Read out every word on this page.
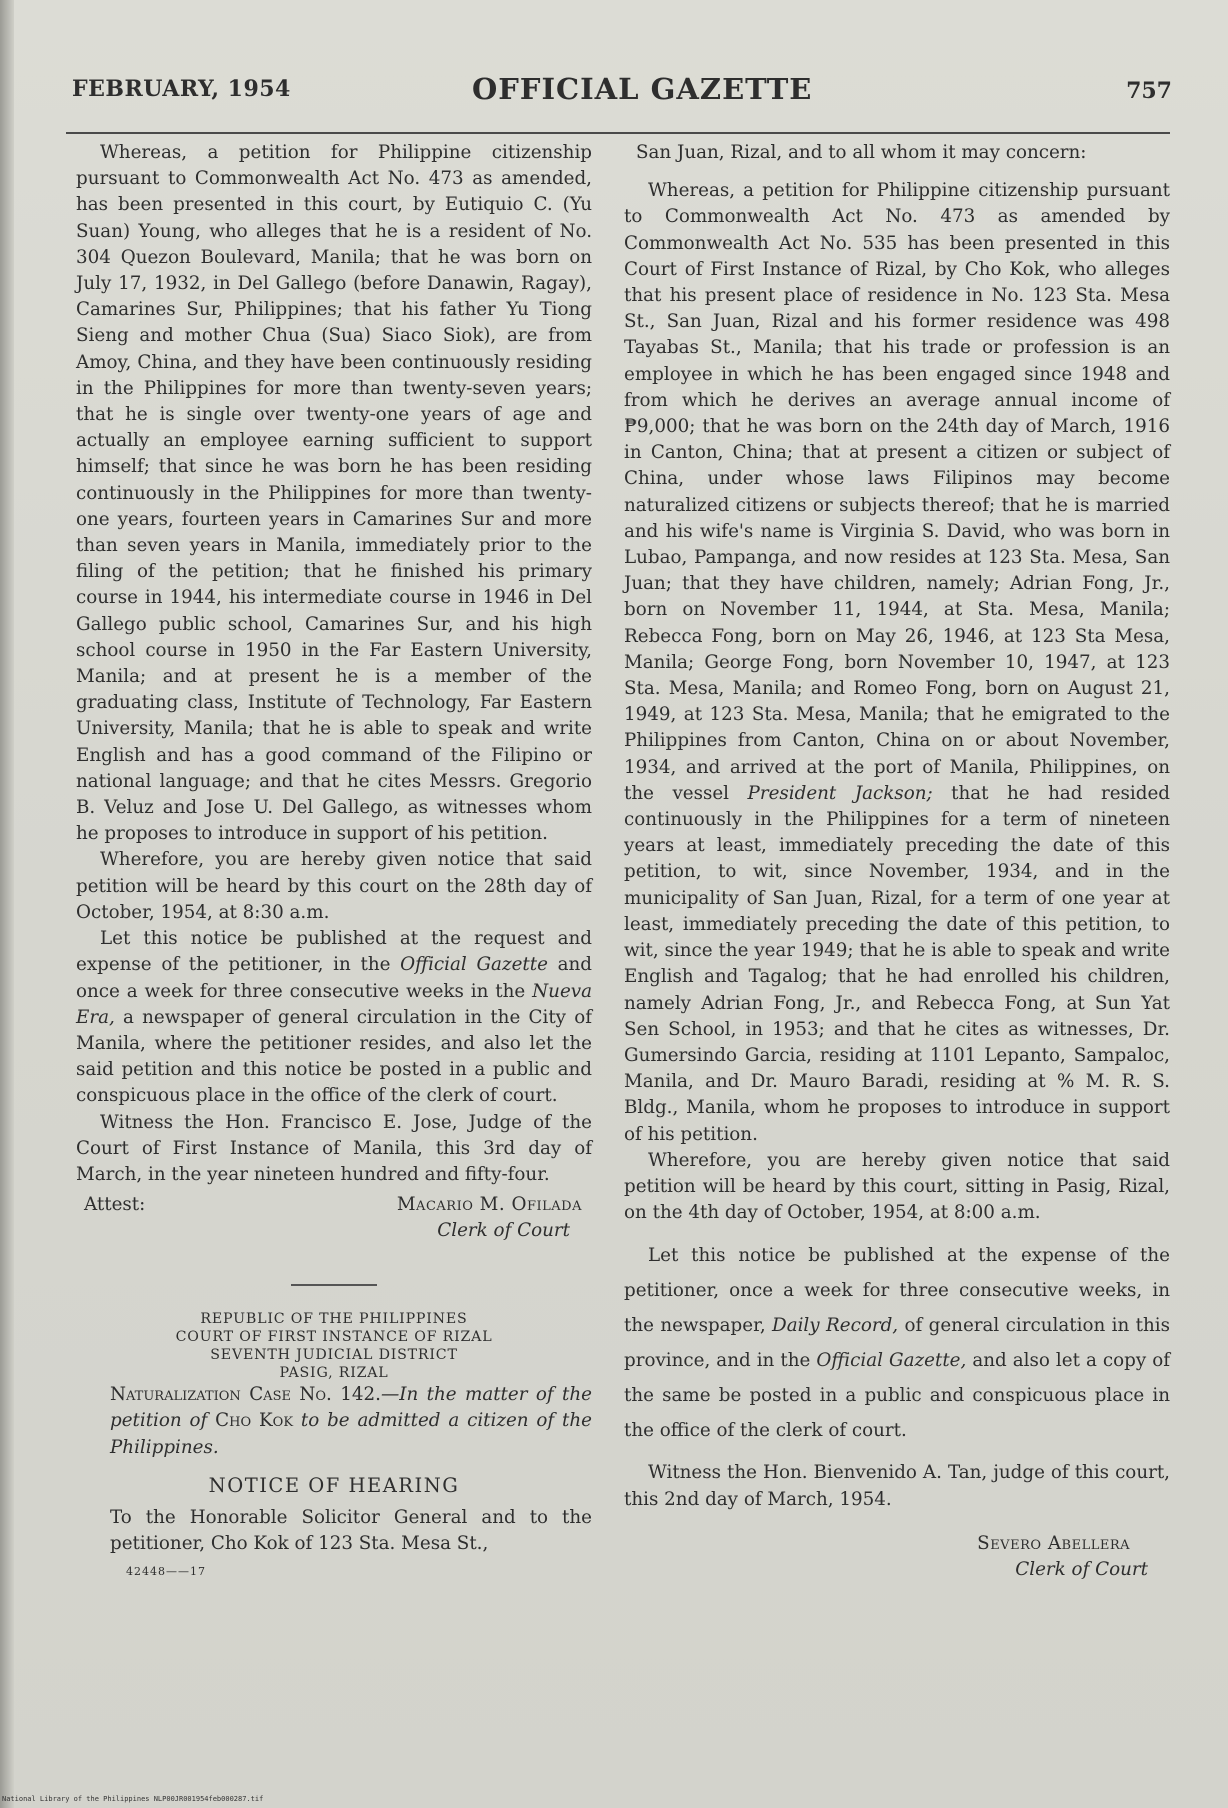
FEBRUARY, 1954	OFFICIAL GAZETTE	757

Whereas, a petition for Philippine citizenship pursuant to Commonwealth Act No. 473 as amended, has been presented in this court, by Eutiquio C. (Yu Suan) Young, who alleges that he is a resident of No. 304 Quezon Boulevard, Manila; that he was born on July 17, 1932, in Del Gallego (before Danawin, Ragay), Camarines Sur, Philippines; that his father Yu Tiong Sieng and mother Chua (Sua) Siaco Siok), are from Amoy, China, and they have been continuously residing in the Philippines for more than twenty-seven years; that he is single over twenty-one years of age and actually an employee earning sufficient to support himself; that since he was born he has been residing continuously in the Philippines for more than twenty-one years, fourteen years in Camarines Sur and more than seven years in Manila, immediately prior to the filing of the petition; that he finished his primary course in 1944, his intermediate course in 1946 in Del Gallego public school, Camarines Sur, and his high school course in 1950 in the Far Eastern University, Manila; and at present he is a member of the graduating class, Institute of Technology, Far Eastern University, Manila; that he is able to speak and write English and has a good command of the Filipino or national language; and that he cites Messrs. Gregorio B. Veluz and Jose U. Del Gallego, as witnesses whom he proposes to introduce in support of his petition.

Wherefore, you are hereby given notice that said petition will be heard by this court on the 28th day of October, 1954, at 8:30 a.m.

Let this notice be published at the request and expense of the petitioner, in the Official Gazette and once a week for three consecutive weeks in the Nueva Era, a newspaper of general circulation in the City of Manila, where the petitioner resides, and also let the said petition and this notice be posted in a public and conspicuous place in the office of the clerk of court.

Witness the Hon. Francisco E. Jose, Judge of the Court of First Instance of Manila, this 3rd day of March, in the year nineteen hundred and fifty-four.

Attest:	Macario M. Ofilada
Clerk of Court
REPUBLIC OF THE PHILIPPINES
COURT OF FIRST INSTANCE OF RIZAL
SEVENTH JUDICIAL DISTRICT
PASIG, RIZAL

Naturalization Case No. 142.—In the matter of the petition of Cho Kok to be admitted a citizen of the Philippines.

NOTICE OF HEARING

To the Honorable Solicitor General and to the petitioner, Cho Kok of 123 Sta. Mesa St.,

42448——17

San Juan, Rizal, and to all whom it may concern:

Whereas, a petition for Philippine citizenship pursuant to Commonwealth Act No. 473 as amended by Commonwealth Act No. 535 has been presented in this Court of First Instance of Rizal, by Cho Kok, who alleges that his present place of residence in No. 123 Sta. Mesa St., San Juan, Rizal and his former residence was 498 Tayabas St., Manila; that his trade or profession is an employee in which he has been engaged since 1948 and from which he derives an average annual income of ₱9,000; that he was born on the 24th day of March, 1916 in Canton, China; that at present a citizen or subject of China, under whose laws Filipinos may become naturalized citizens or subjects thereof; that he is married and his wife's name is Virginia S. David, who was born in Lubao, Pampanga, and now resides at 123 Sta. Mesa, San Juan; that they have children, namely; Adrian Fong, Jr., born on November 11, 1944, at Sta. Mesa, Manila; Rebecca Fong, born on May 26, 1946, at 123 Sta Mesa, Manila; George Fong, born November 10, 1947, at 123 Sta. Mesa, Manila; and Romeo Fong, born on August 21, 1949, at 123 Sta. Mesa, Manila; that he emigrated to the Philippines from Canton, China on or about November, 1934, and arrived at the port of Manila, Philippines, on the vessel President Jackson; that he had resided continuously in the Philippines for a term of nineteen years at least, immediately preceding the date of this petition, to wit, since November, 1934, and in the municipality of San Juan, Rizal, for a term of one year at least, immediately preceding the date of this petition, to wit, since the year 1949; that he is able to speak and write English and Tagalog; that he had enrolled his children, namely Adrian Fong, Jr., and Rebecca Fong, at Sun Yat Sen School, in 1953; and that he cites as witnesses, Dr. Gumersindo Garcia, residing at 1101 Lepanto, Sampaloc, Manila, and Dr. Mauro Baradi, residing at % M. R. S. Bldg., Manila, whom he proposes to introduce in support of his petition.

Wherefore, you are hereby given notice that said petition will be heard by this court, sitting in Pasig, Rizal, on the 4th day of October, 1954, at 8:00 a.m.

Let this notice be published at the expense of the petitioner, once a week for three consecutive weeks, in the newspaper, Daily Record, of general circulation in this province, and in the Official Gazette, and also let a copy of the same be posted in a public and conspicuous place in the office of the clerk of court.

Witness the Hon. Bienvenido A. Tan, judge of this court, this 2nd day of March, 1954.

Severo Abellera
Clerk of Court
National Library of the Philippines NLP00JR001954feb000287.tif
